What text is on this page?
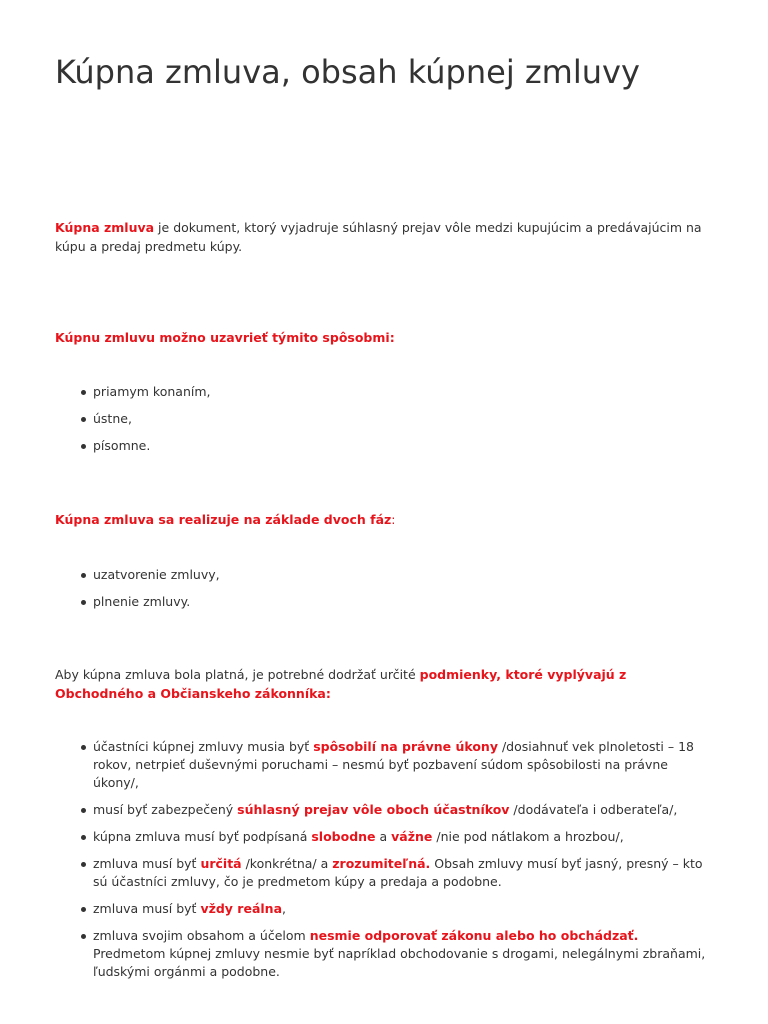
Kúpna zmluva, obsah kúpnej zmluvy

Kúpna zmluva je dokument, ktorý vyjadruje súhlasný prejav vôle medzi kupujúcim a predávajúcim na kúpu a predaj predmetu kúpy.

Kúpnu zmluvu možno uzavrieť týmito spôsobmi:

priamym konaním,
ústne,
písomne.

Kúpna zmluva sa realizuje na základe dvoch fáz:

uzatvorenie zmluvy,
plnenie zmluvy.

Aby kúpna zmluva bola platná, je potrebné dodržať určité podmienky, ktoré vyplývajú z Obchodného a Občianskeho zákonníka:

účastníci kúpnej zmluvy musia byť spôsobilí na právne úkony /dosiahnuť vek plnoletosti – 18 rokov, netrpieť duševnými poruchami – nesmú byť pozbavení súdom spôsobilosti na právne úkony/,
musí byť zabezpečený súhlasný prejav vôle oboch účastníkov /dodávateľa i odberateľa/,
kúpna zmluva musí byť podpísaná slobodne a vážne /nie pod nátlakom a hrozbou/,
zmluva musí byť určitá /konkrétna/ a zrozumiteľná. Obsah zmluvy musí byť jasný, presný – kto sú účastníci zmluvy, čo je predmetom kúpy a predaja a podobne.
zmluva musí byť vždy reálna,
zmluva svojim obsahom a účelom nesmie odporovať zákonu alebo ho obchádzať. Predmetom kúpnej zmluvy nesmie byť napríklad obchodovanie s drogami, nelegálnymi zbraňami, ľudskými orgánmi a podobne.
